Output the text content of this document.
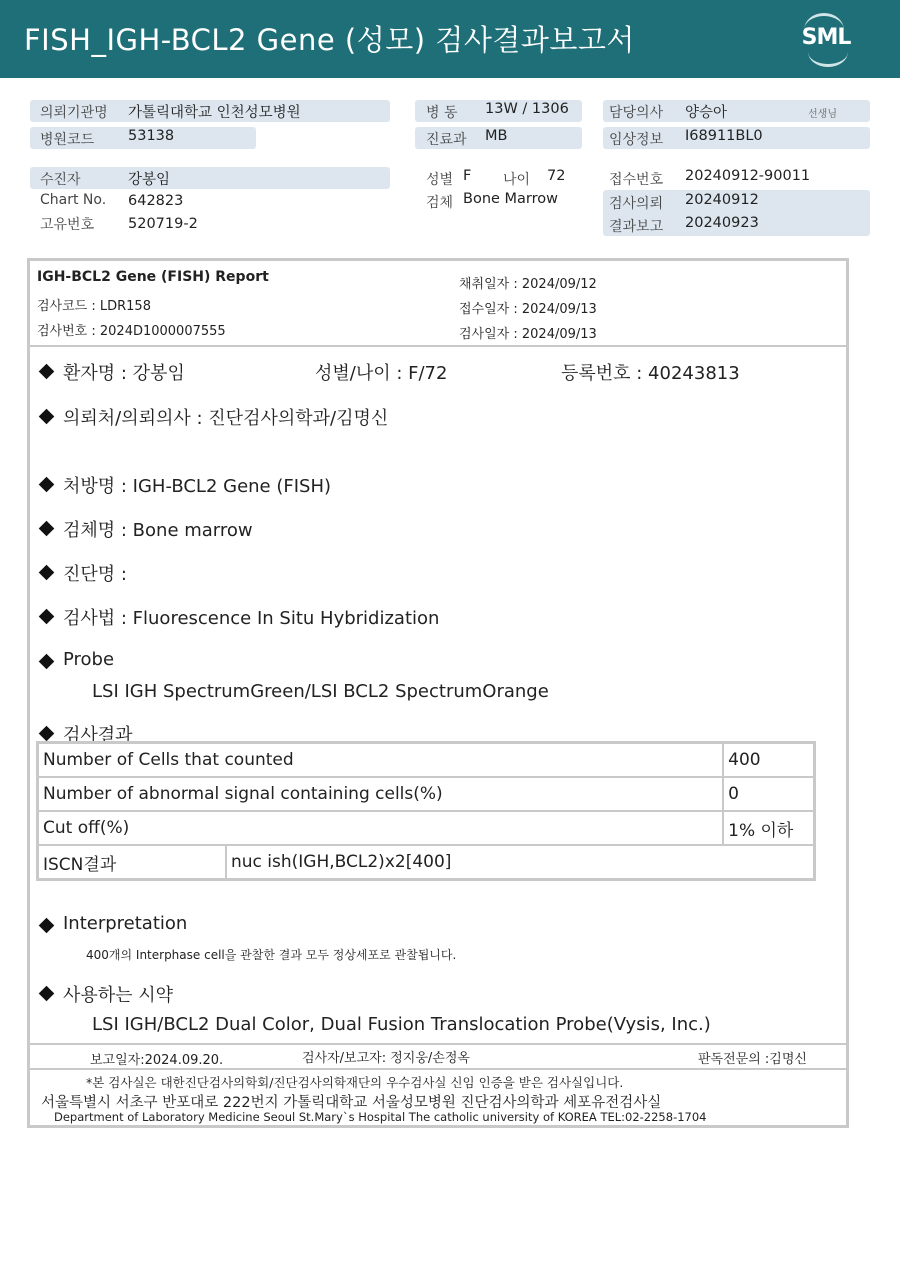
FISH_IGH-BCL2 Gene (성모) 검사결과보고서	SML
의뢰기관명 가톨릭대학교 인천성모병원
병원코드 53138
병 동 13W / 1306
진료과 MB
담당의사 양승아	선생님
임상정보 I68911BL0
수진자	강봉임
Chart No. 642823
고유번호 520719-2
성별 F 나이 72
검체 Bone Marrow
접수번호 20240912-90011
검사의뢰 20240912
결과보고 20240923
IGH-BCL2 Gene (FISH) Report
검사코드 : LDR158
검사번호 : 2024D1000007555
채취일자 : 2024/09/12
접수일자 : 2024/09/13
검사일자 : 2024/09/13
환자명 : 강봉임	성별/나이 : F/72	등록번호 : 40243813
의뢰처/의뢰의사 : 진단검사의학과/김명신
처방명 : IGH-BCL2 Gene (FISH)
검체명 : Bone marrow
진단명 :
검사법 : Fluorescence In Situ Hybridization
Probe
LSI IGH SpectrumGreen/LSI BCL2 SpectrumOrange
검사결과
Number of Cells that counted		400
Number of abnormal signal containing cells(%)		0
Cut off(%)		1% 이하
ISCN결과	nuc ish(IGH,BCL2)x2[400]	
Interpretation
400개의 Interphase cell을 관찰한 결과 모두 정상세포로 관찰됩니다.
사용하는 시약
LSI IGH/BCL2 Dual Color, Dual Fusion Translocation Probe(Vysis, Inc.)
보고일자:2024.09.20.	검사자/보고자: 정지웅/손정옥	판독전문의 :김명신
*본 검사실은 대한진단검사의학회/진단검사의학재단의 우수검사실 신임 인증을 받은 검사실입니다.
서울특별시 서초구 반포대로 222번지 가톨릭대학교 서울성모병원 진단검사의학과 세포유전검사실
Department of Laboratory Medicine Seoul St.Mary`s Hospital The catholic university of KOREA TEL:02-2258-1704
